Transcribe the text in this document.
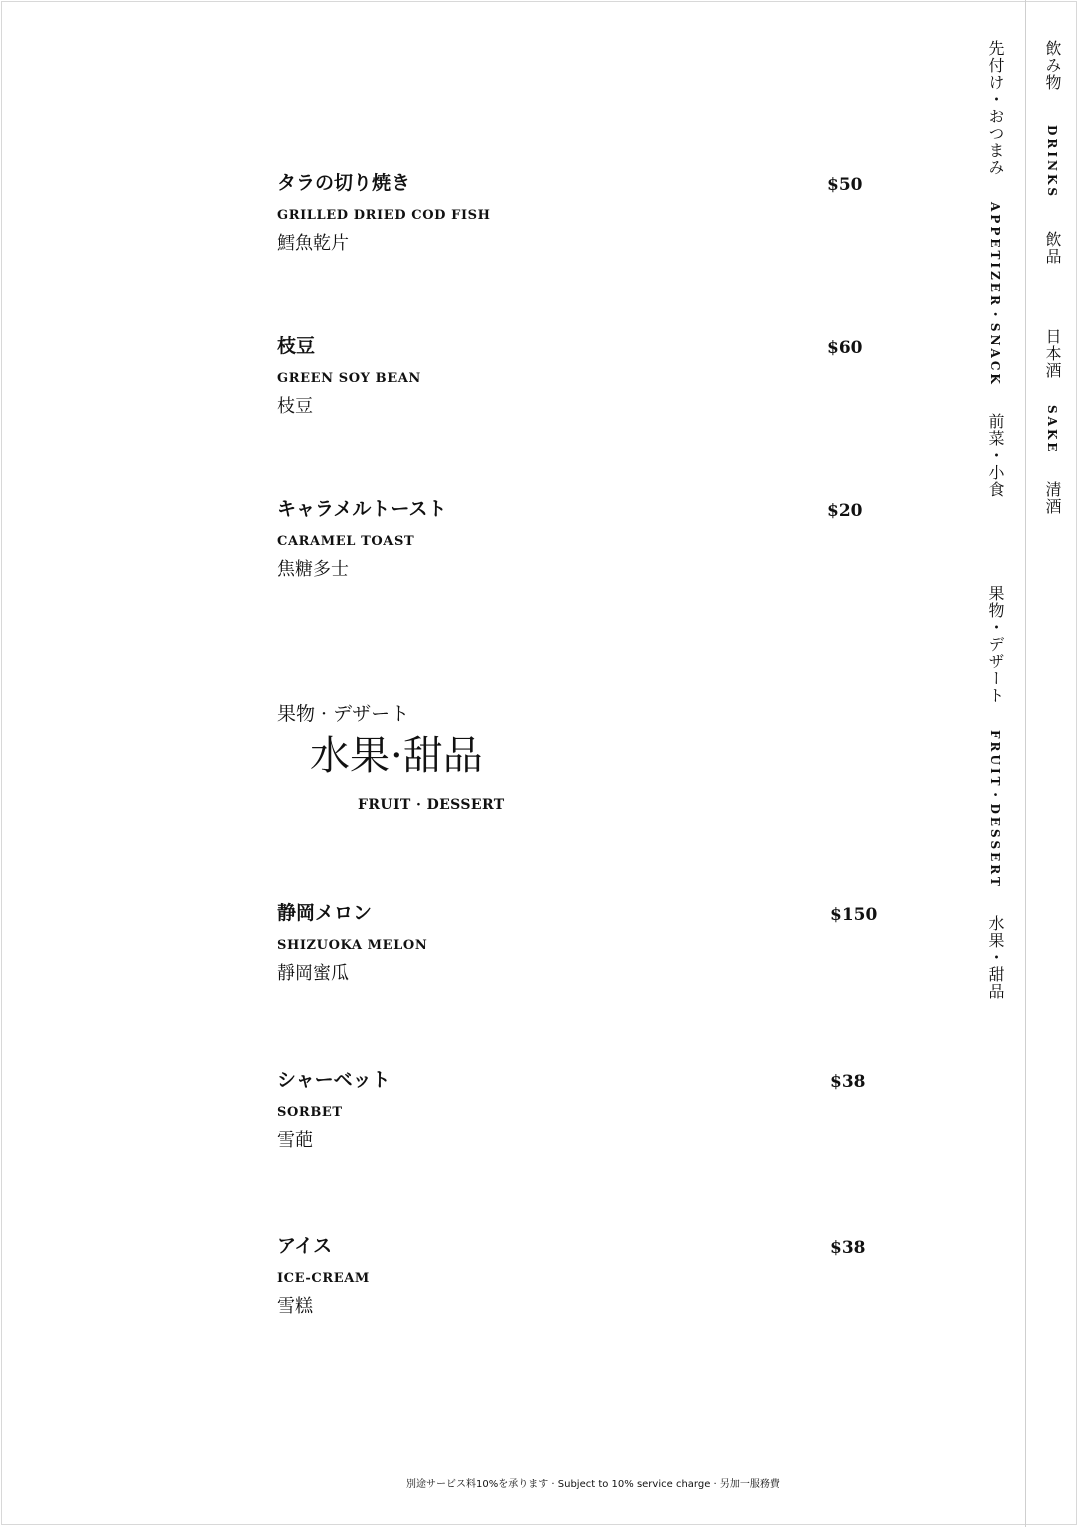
飲み物 DRINKS 飲品
日本酒 SAKE 清酒
先付け・おつまみ APPETIZER・SNACK 前菜・小食
果物・デザート FRUIT・DESSERT 水果・甜品
タラの切り焼き
GRILLED DRIED COD FISH
鱈魚乾片
$50
枝豆
GREEN SOY BEAN
枝豆
$60
キャラメルトースト
CARAMEL TOAST
焦糖多士
$20
果物 · デザート
水果·甜品
FRUIT · DESSERT
静岡メロン
SHIZUOKA MELON
靜岡蜜瓜
$150
シャーベット
SORBET
雪葩
$38
アイス
ICE-CREAM
雪糕
$38
別途サービス料10%を承ります · Subject to 10% service charge · 另加一服務費
